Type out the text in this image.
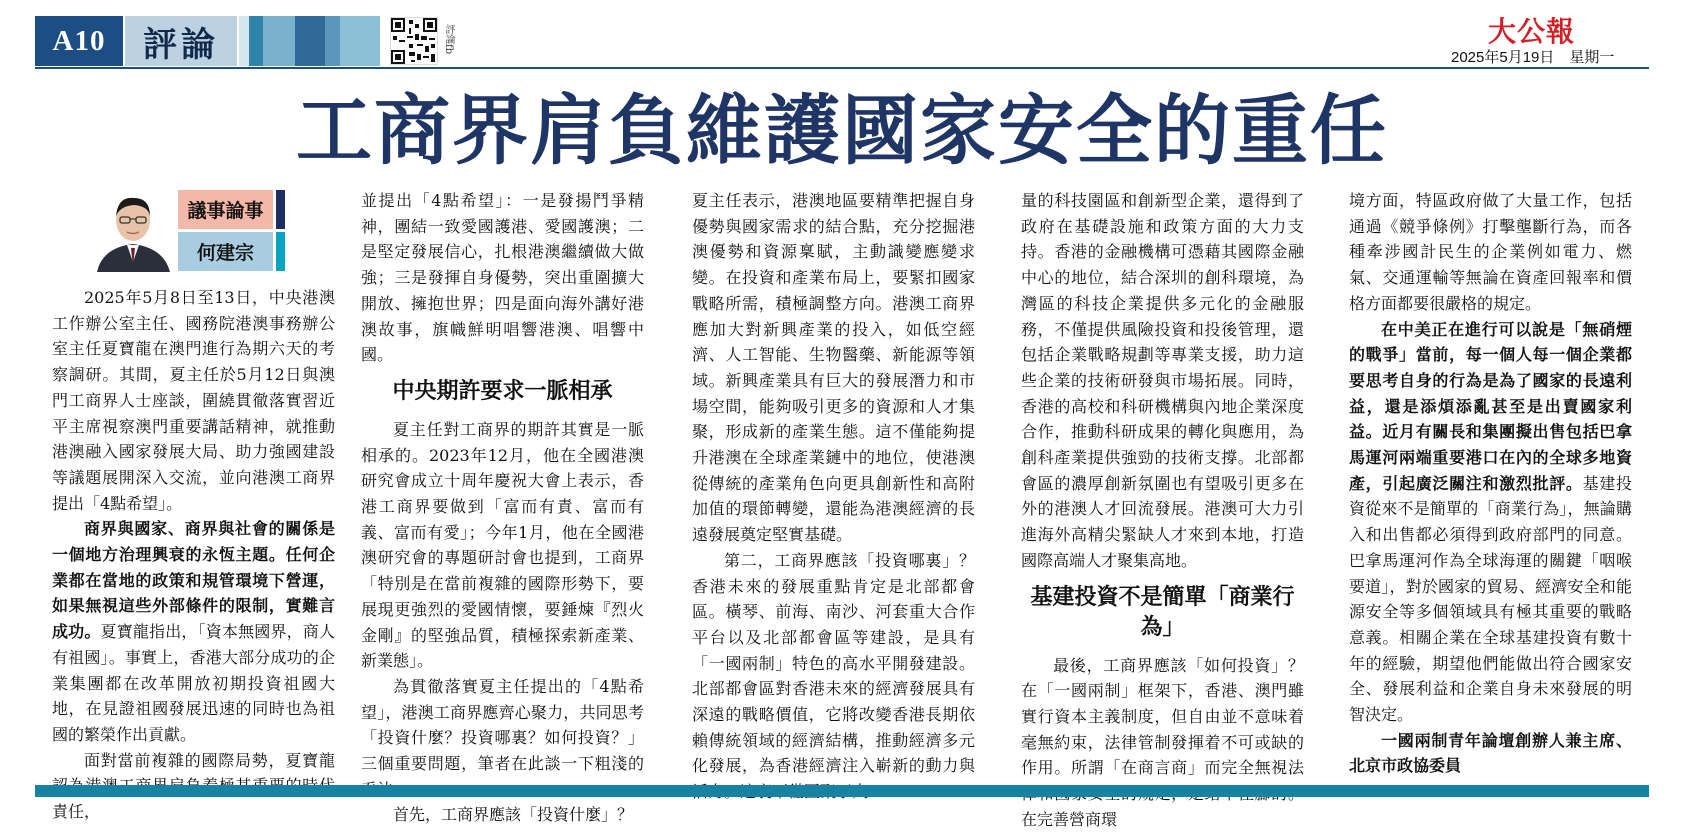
A10	評論	評論fb	大公報
2025年5月19日　星期一
工商界肩負維護國家安全的重任
議事論事
何建宗

2025年5月8日至13日，中央港澳工作辦公室主任、國務院港澳事務辦公室主任夏寶龍在澳門進行為期六天的考察調研。其間，夏主任於5月12日與澳門工商界人士座談，圍繞貫徹落實習近平主席視察澳門重要講話精神，就推動港澳融入國家發展大局、助力強國建設等議題展開深入交流，並向港澳工商界提出「4點希望」。

商界與國家、商界與社會的關係是一個地方治理興衰的永恆主題。任何企業都在當地的政策和規管環境下營運，如果無視這些外部條件的限制，實難言成功。夏寶龍指出，「資本無國界，商人有祖國」。事實上，香港大部分成功的企業集團都在改革開放初期投資祖國大地，在見證祖國發展迅速的同時也為祖國的繁榮作出貢獻。

面對當前複雜的國際局勢，夏寶龍 責任，

並提出「4點希望」：一是發揚鬥爭精神，團結一致愛國護港、愛國護澳；二是堅定發展信心，扎根港澳繼續做大做強；三是發揮自身優勢，突出重圍擴大開放、擁抱世界；四是面向海外講好港澳故事，旗幟鮮明唱響港澳、唱響中國。

中央期許要求一脈相承

夏主任對工商界的期許其實是一脈相承的。2023年12月，他在全國港澳研究會成立十周年慶祝大會上表示，香港工商界要做到「富而有責、富而有義、富而有愛」；今年1月，他在全國港澳研究會的專題研討會也提到，工商界「特別是在當前複雜的國際形勢下，要展現更強烈的愛國情懷，要錘煉『烈火金剛』的堅強品質，積極探索新產業、新業態」。

為貫徹落實夏主任提出的「4點希望」，港澳工商界應齊心聚力，共同思考「投資什麼？投資哪裏？如何投資？」三個重要問題，筆者在此談一下粗淺的

首先，工商界應該「投資什麼」？

夏主任表示，港澳地區要精準把握自身優勢與國家需求的結合點，充分挖掘港澳優勢和資源稟賦，主動識變應變求變。在投資和產業布局上，要緊扣國家戰略所需，積極調整方向。港澳工商界應加大對新興產業的投入，如低空經濟、人工智能、生物醫藥、新能源等領域。新興產業具有巨大的發展潛力和市場空間，能夠吸引更多的資源和人才集聚，形成新的產業生態。這不僅能夠提升港澳在全球產業鏈中的地位，使港澳從傳統的產業角色向更具創新性和高附加值的環節轉變，還能為港澳經濟的長遠發展奠定堅實基礎。

第二，工商界應該「投資哪裏」？香港未來的發展重點肯定是北部都會區。橫琴、前海、南沙、河套重大合作平台以及北部都會區等建設，是具有「一國兩制」特色的高水平開發建設。北部都會區對香港未來的經濟發展具有深遠的戰略價值，它將改變香港長期依賴傳統領域的經濟結構，推動經濟多元化發展，為香港經濟注入嶄新的動力與

量的科技園區和創新型企業，還得到了政府在基礎設施和政策方面的大力支持。香港的金融機構可憑藉其國際金融中心的地位，結合深圳的創科環境，為灣區的科技企業提供多元化的金融服務，不僅提供風險投資和投後管理，還包括企業戰略規劃等專業支援，助力這些企業的技術研發與市場拓展。同時，香港的高校和科研機構與內地企業深度合作，推動科研成果的轉化與應用，為創科產業提供強勁的技術支撐。北部都會區的濃厚創新氛圍也有望吸引更多在外的港澳人才回流發展。港澳可大力引進海外高精尖緊缺人才來到本地，打造國際高端人才聚集高地。

基建投資不是簡單「商業行為」

最後，工商界應該「如何投資」？在「一國兩制」框架下，香港、澳門雖實行資本主義制度，但自由並不意味着毫無約束，法律管制發揮着不可或缺的作用。所謂「在商言商」而完全無視法 在完善營商環

境方面，特區政府做了大量工作，包括通過《競爭條例》打擊壟斷行為，而各種牽涉國計民生的企業例如電力、燃氣、交通運輸等無論在資產回報率和價格方面都要很嚴格的規定。

在中美正在進行可以說是「無硝煙的戰爭」當前，每一個人每一個企業都要思考自身的行為是為了國家的長遠利益，還是添煩添亂甚至是出賣國家利益。近月有關長和集團擬出售包括巴拿馬運河兩端重要港口在內的全球多地資產，引起廣泛關注和激烈批評。基建投資從來不是簡單的「商業行為」，無論購入和出售都必須得到政府部門的同意。巴拿馬運河作為全球海運的關鍵「咽喉要道」，對於國家的貿易、經濟安全和能源安全等多個領域具有極其重要的戰略意義。相關企業在全球基建投資有數十年的經驗，期望他們能做出符合國家安全、發展利益和企業自身未來發展的明智決定。

一國兩制青年論壇創辦人兼主席、北京市政協委員
